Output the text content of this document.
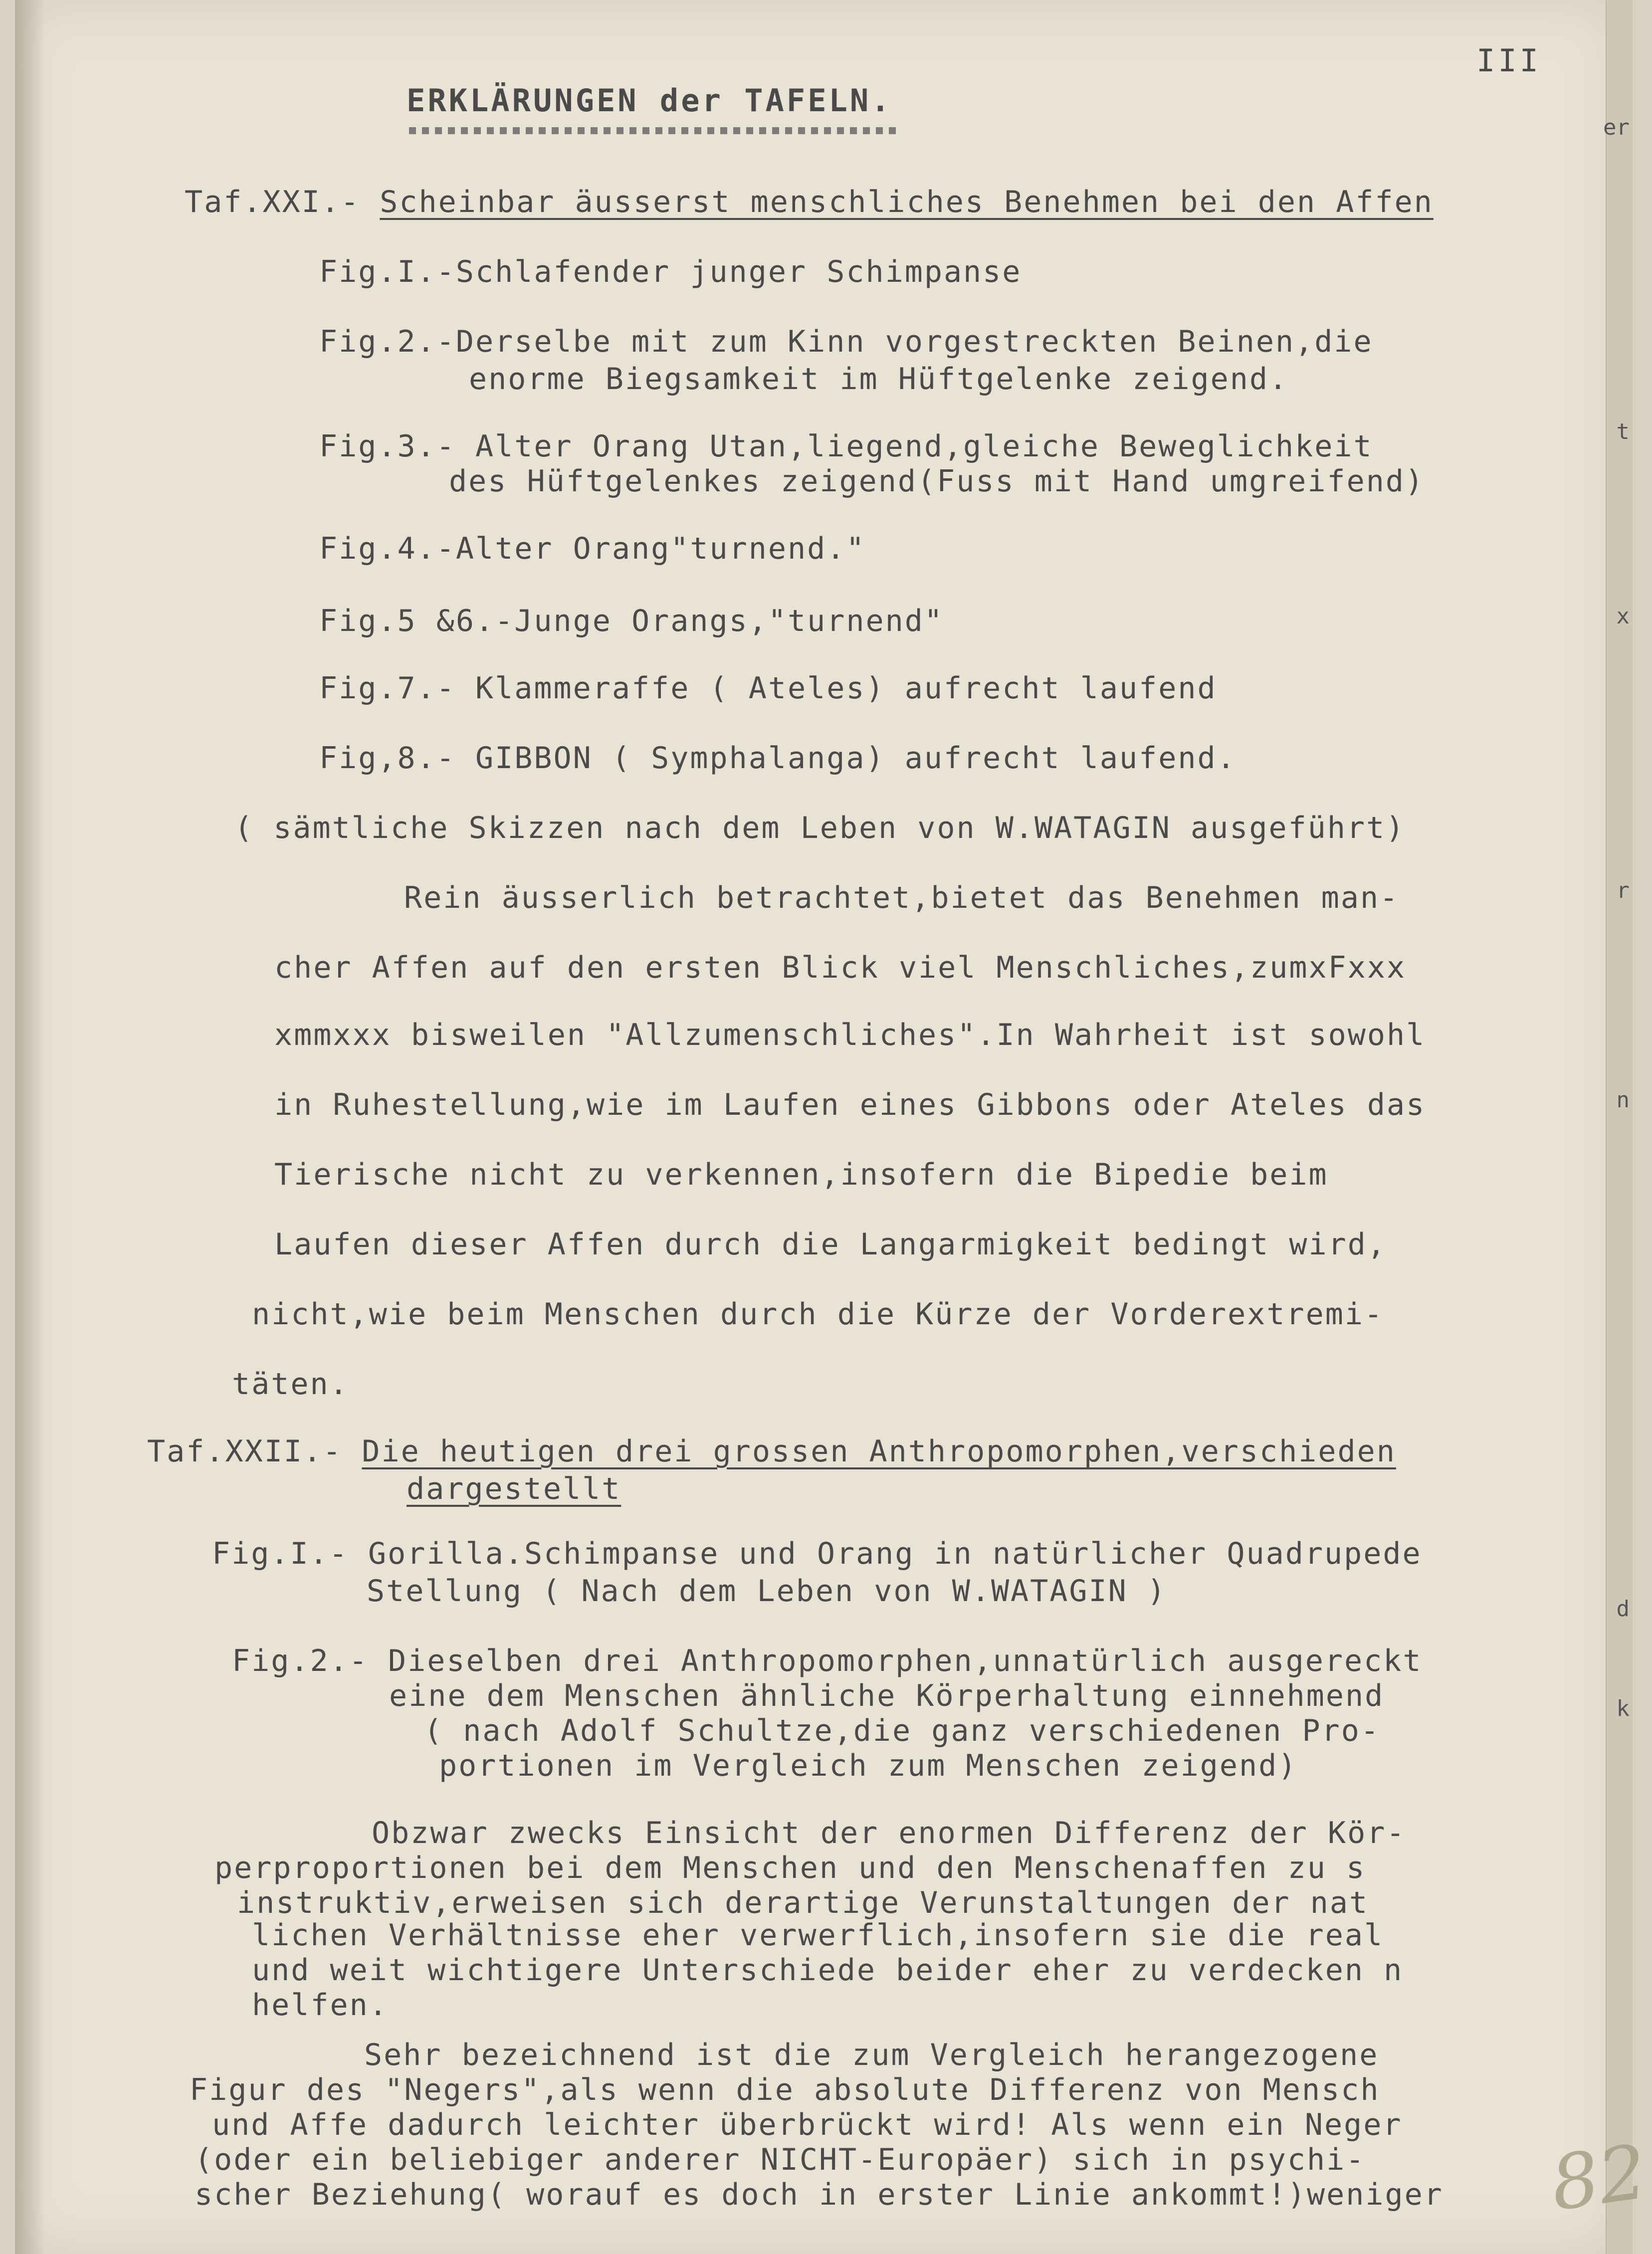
III
ERKLÄRUNGEN der TAFELN.
Taf.XXI.- Scheinbar äusserst menschliches Benehmen bei den Affen
Fig.I.-Schlafender junger Schimpanse
Fig.2.-Derselbe mit zum Kinn vorgestreckten Beinen,die
enorme Biegsamkeit im Hüftgelenke zeigend.
Fig.3.- Alter Orang Utan,liegend,gleiche Beweglichkeit
des Hüftgelenkes zeigend(Fuss mit Hand umgreifend)
Fig.4.-Alter Orang"turnend."
Fig.5 &6.-Junge Orangs,"turnend"
Fig.7.- Klammeraffe ( Ateles) aufrecht laufend
Fig,8.- GIBBON ( Symphalanga) aufrecht laufend.
( sämtliche Skizzen nach dem Leben von W.WATAGIN ausgeführt)
Rein äusserlich betrachtet,bietet das Benehmen man-
cher Affen auf den ersten Blick viel Menschliches,zumxFxxx
xmmxxx bisweilen "Allzumenschliches".In Wahrheit ist sowohl
in Ruhestellung,wie im Laufen eines Gibbons oder Ateles das
Tierische nicht zu verkennen,insofern die Bipedie beim
Laufen dieser Affen durch die Langarmigkeit bedingt wird,
nicht,wie beim Menschen durch die Kürze der Vorderextremi-
täten.
Taf.XXII.- Die heutigen drei grossen Anthropomorphen,verschieden
dargestellt
Fig.I.- Gorilla.Schimpanse und Orang in natürlicher Quadrupede
Stellung ( Nach dem Leben von W.WATAGIN )
Fig.2.- Dieselben drei Anthropomorphen,unnatürlich ausgereckt
eine dem Menschen ähnliche Körperhaltung einnehmend
( nach Adolf Schultze,die ganz verschiedenen Pro-
portionen im Vergleich zum Menschen zeigend)
Obzwar zwecks Einsicht der enormen Differenz der Kör-
perproportionen bei dem Menschen und den Menschenaffen zu s
instruktiv,erweisen sich derartige Verunstaltungen der nat
lichen Verhältnisse eher verwerflich,insofern sie die real
und weit wichtigere Unterschiede beider eher zu verdecken n
helfen.
Sehr bezeichnend ist die zum Vergleich herangezogene
Figur des "Negers",als wenn die absolute Differenz von Mensch
und Affe dadurch leichter überbrückt wird! Als wenn ein Neger
(oder ein beliebiger anderer NICHT-Europäer) sich in psychi-
scher Beziehung( worauf es doch in erster Linie ankommt!)weniger 82
er
t
x
r
n
d
k
